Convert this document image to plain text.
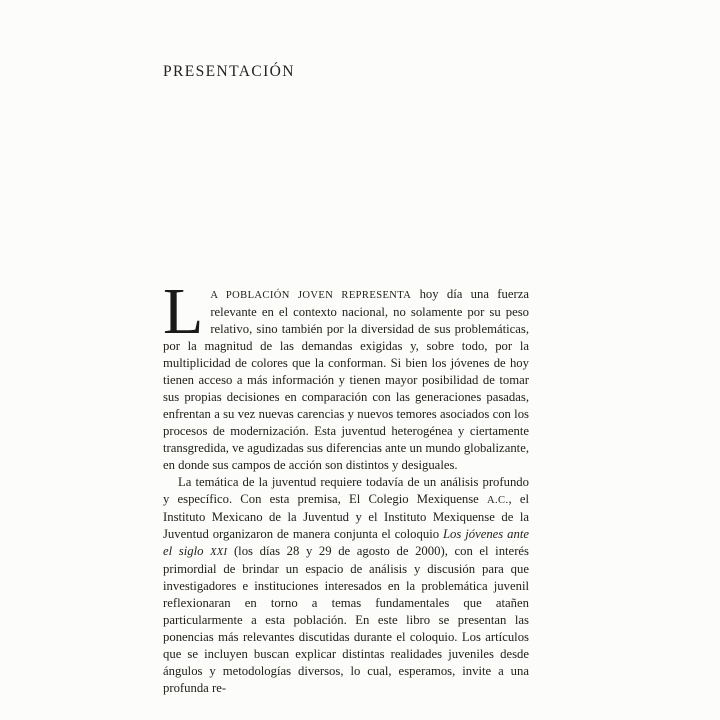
PRESENTACIÓN

L A POBLACIÓN JOVEN REPRESENTA hoy día una fuerza relevante en el contexto nacional, no solamente por su peso relativo, sino también por la diversidad de sus problemáticas, por la magnitud de las demandas exigidas y, sobre todo, por la multiplicidad de colores que la conforman. Si bien los jóvenes de hoy tienen acceso a más información y tienen mayor posibilidad de tomar sus propias decisiones en comparación con las generaciones pasadas, enfrentan a su vez nuevas carencias y nuevos temores asociados con los procesos de modernización. Esta juventud heterogénea y ciertamente transgredida, ve agudizadas sus diferencias ante un mundo globalizante, en donde sus campos de acción son distintos y desiguales.

La temática de la juventud requiere todavía de un análisis profundo y específico. Con esta premisa, El Colegio Mexiquense A.C., el Instituto Mexicano de la Juventud y el Instituto Mexiquense de la Juventud organizaron de manera conjunta el coloquio Los jóvenes ante el siglo XXI (los días 28 y 29 de agosto de 2000), con el interés primordial de brindar un espacio de análisis y discusión para que investigadores e instituciones interesados en la problemática juvenil reflexionaran en torno a temas fundamentales que atañen particularmente a esta población. En este libro se presentan las ponencias más relevantes discutidas durante el coloquio. Los artículos que se incluyen buscan explicar distintas realidades juveniles desde ángulos y metodologías diversos, lo cual, esperamos, invite a una profunda re-
